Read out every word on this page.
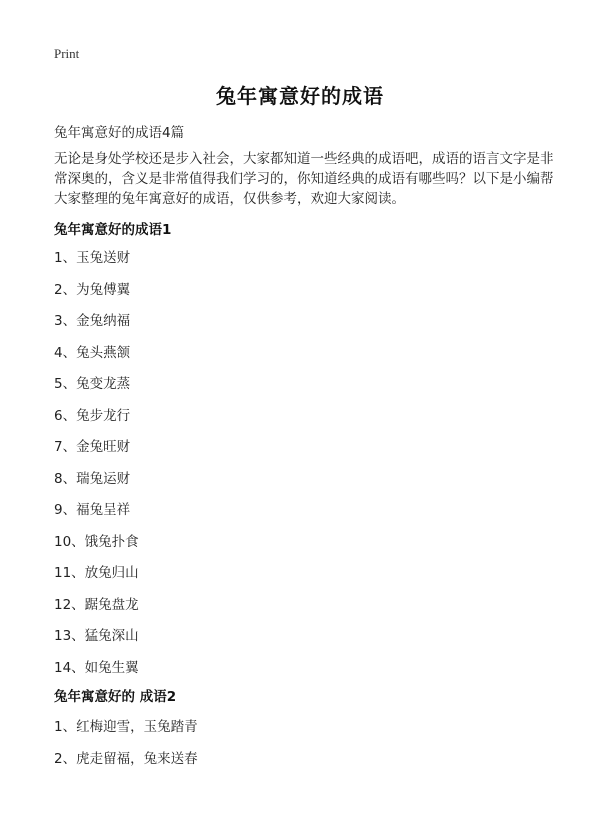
Print
兔年寓意好的成语
兔年寓意好的成语4篇
无论是身处学校还是步入社会，大家都知道一些经典的成语吧，成语的语言文字是非常深奥的，含义是非常值得我们学习的，你知道经典的成语有哪些吗？以下是小编帮大家整理的兔年寓意好的成语，仅供参考，欢迎大家阅读。
兔年寓意好的成语1
1、玉兔送财
2、为兔傅翼
3、金兔纳福
4、兔头燕颔
5、兔变龙蒸
6、兔步龙行
7、金兔旺财
8、瑞兔运财
9、福兔呈祥
10、饿兔扑食
11、放兔归山
12、踞兔盘龙
13、猛兔深山
14、如兔生翼
兔年寓意好的 成语2
1、红梅迎雪，玉兔踏青
2、虎走留福，兔来送春
